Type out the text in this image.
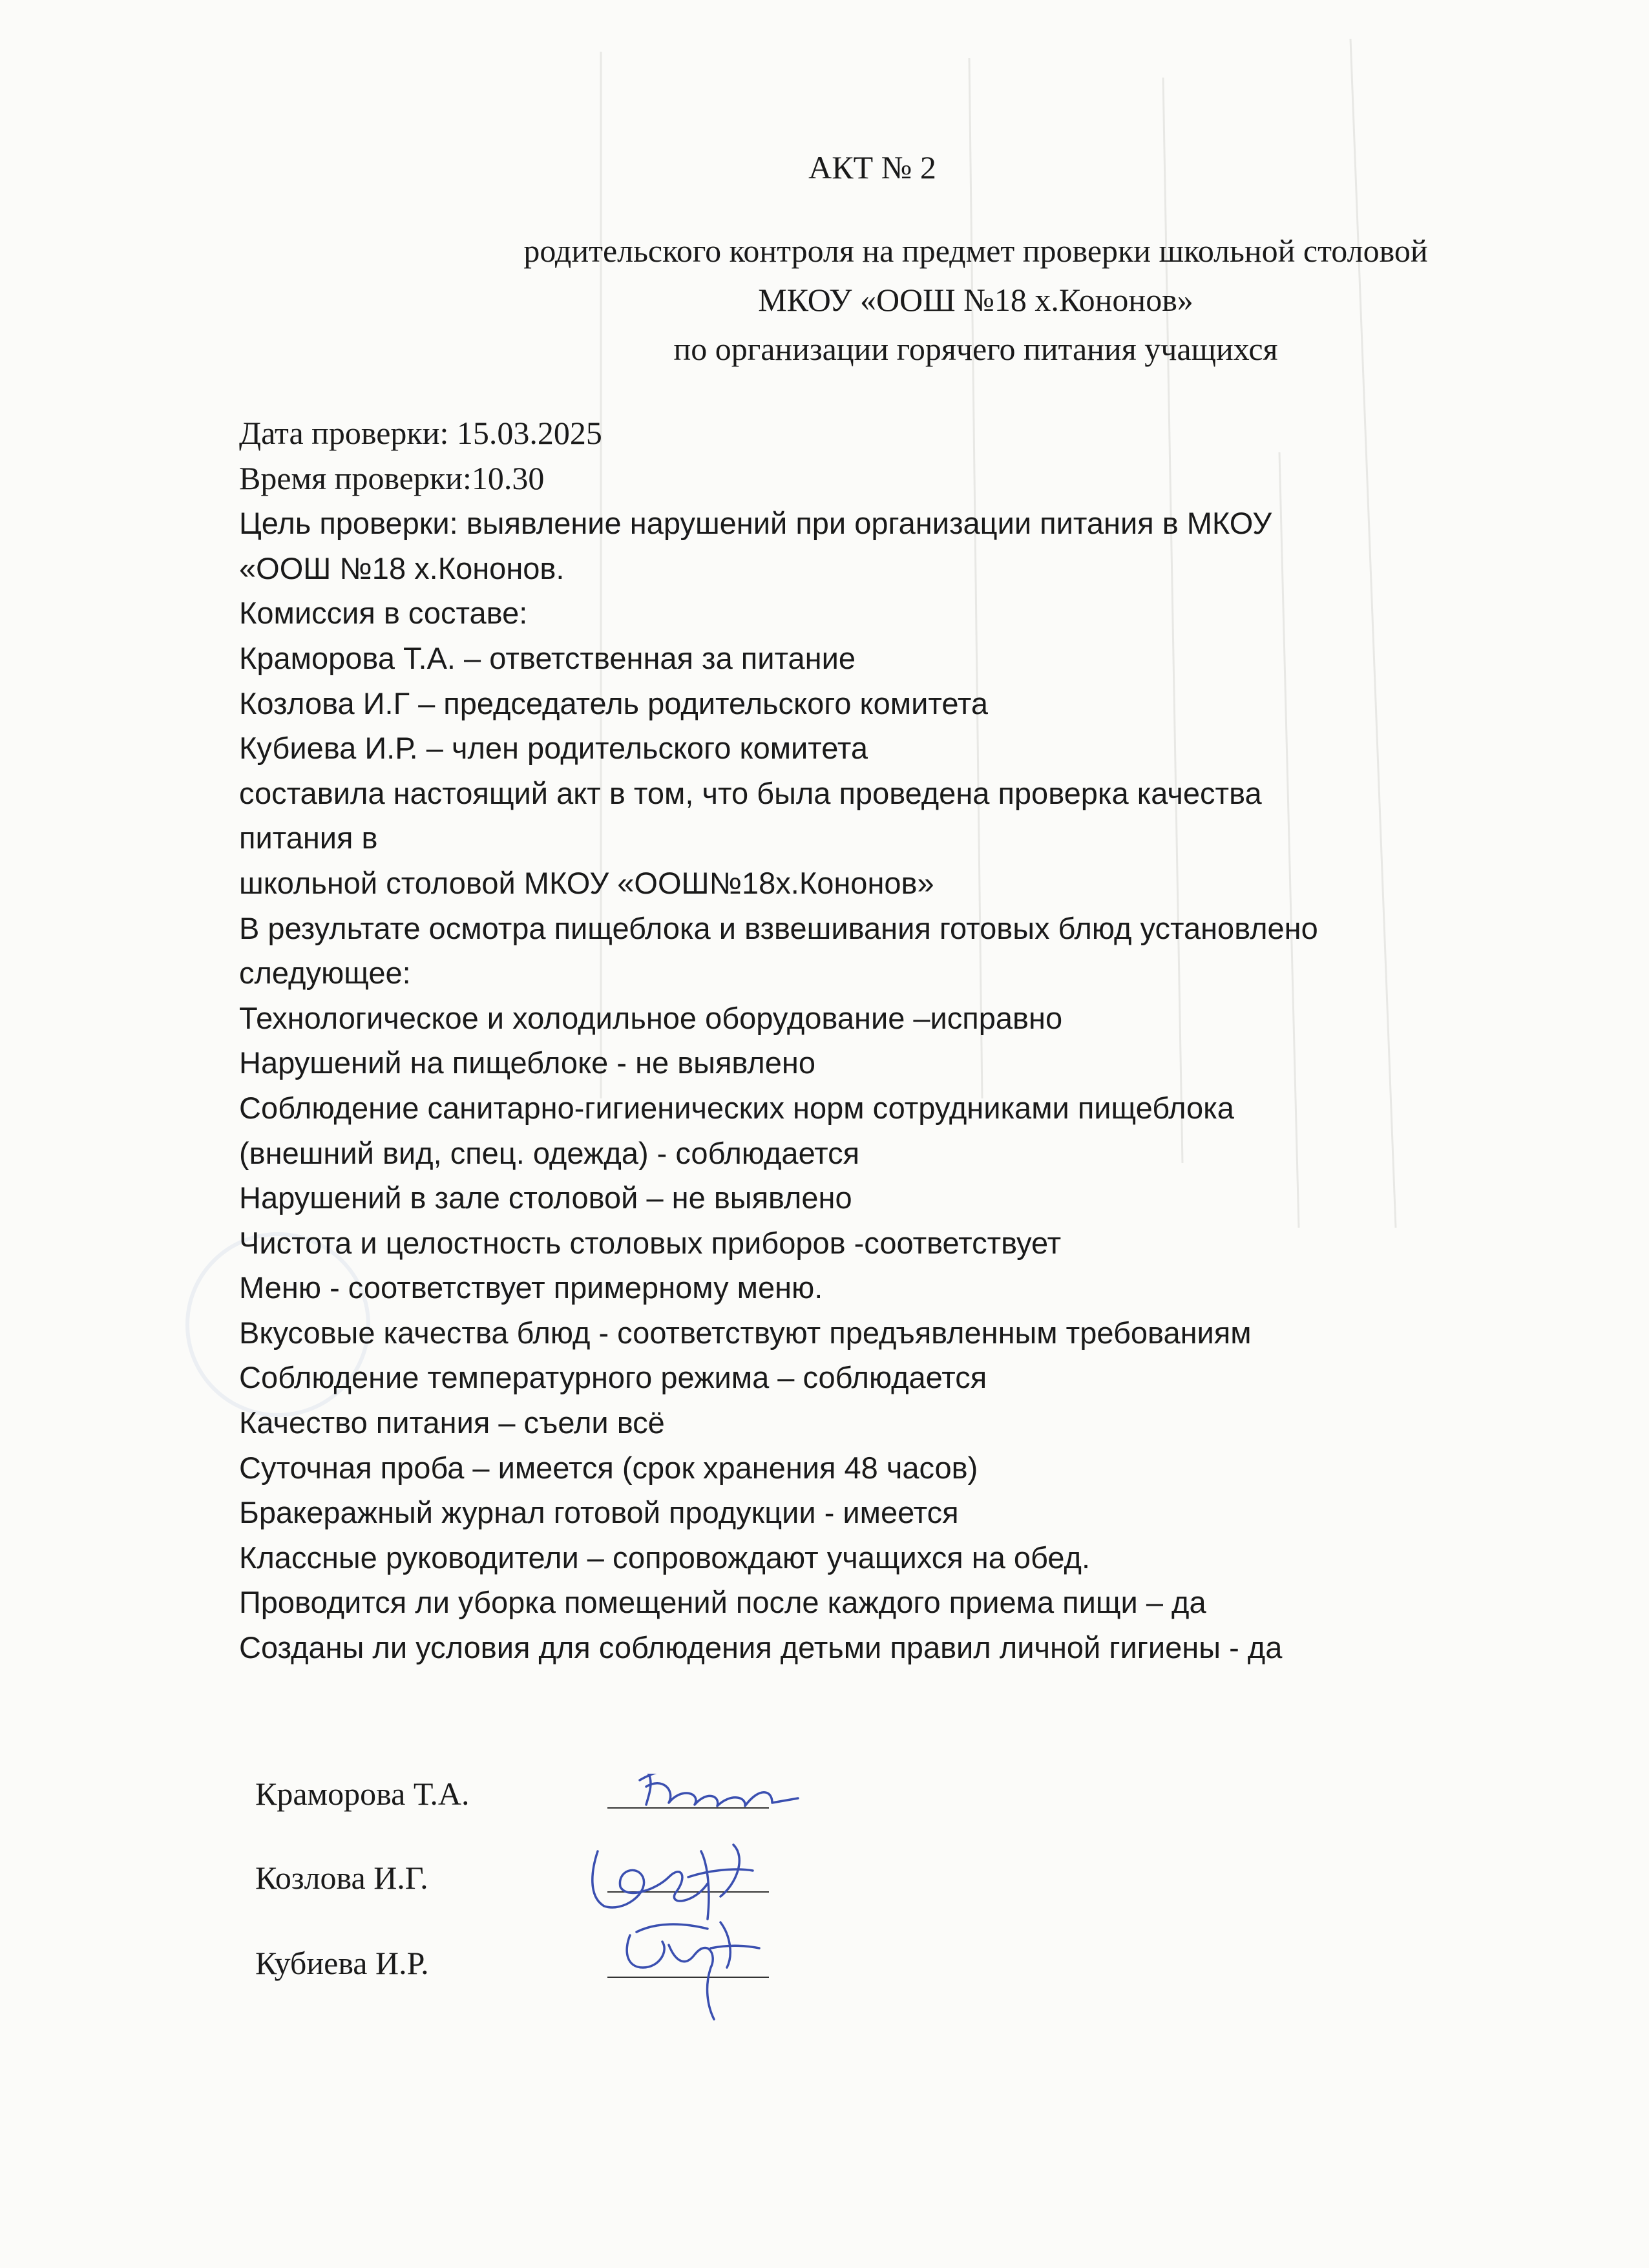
АКТ № 2
родительского контроля на предмет проверки школьной столовой
МКОУ «ООШ №18 х.Кононов»
по организации горячего питания учащихся
Дата проверки: 15.03.2025
Время проверки:10.30
Цель проверки: выявление нарушений при организации питания в МКОУ
«ООШ №18 х.Кононов.
Комиссия в составе:
Краморова Т.А. – ответственная за питание
Козлова И.Г – председатель родительского комитета
Кубиева И.Р. – член родительского комитета
составила настоящий акт в том, что была проведена проверка качества
питания в
школьной столовой МКОУ «ООШ№18х.Кононов»
В результате осмотра пищеблока и взвешивания готовых блюд установлено
следующее:
Технологическое и холодильное оборудование –исправно
Нарушений на пищеблоке - не выявлено
Соблюдение санитарно-гигиенических норм сотрудниками пищеблока
(внешний вид, спец. одежда) - соблюдается
Нарушений в зале столовой – не выявлено
Чистота и целостность столовых приборов -соответствует
Меню - соответствует примерному меню.
Вкусовые качества блюд - соответствуют предъявленным требованиям
Соблюдение температурного режима – соблюдается
Качество питания – съели всё
Суточная проба – имеется (срок хранения 48 часов)
Бракеражный журнал готовой продукции - имеется
Классные руководители – сопровождают учащихся на обед.
Проводится ли уборка помещений после каждого приема пищи – да
Созданы ли условия для соблюдения детьми правил личной гигиены - да
Краморова Т.А.
Козлова И.Г.
Кубиева И.Р.
